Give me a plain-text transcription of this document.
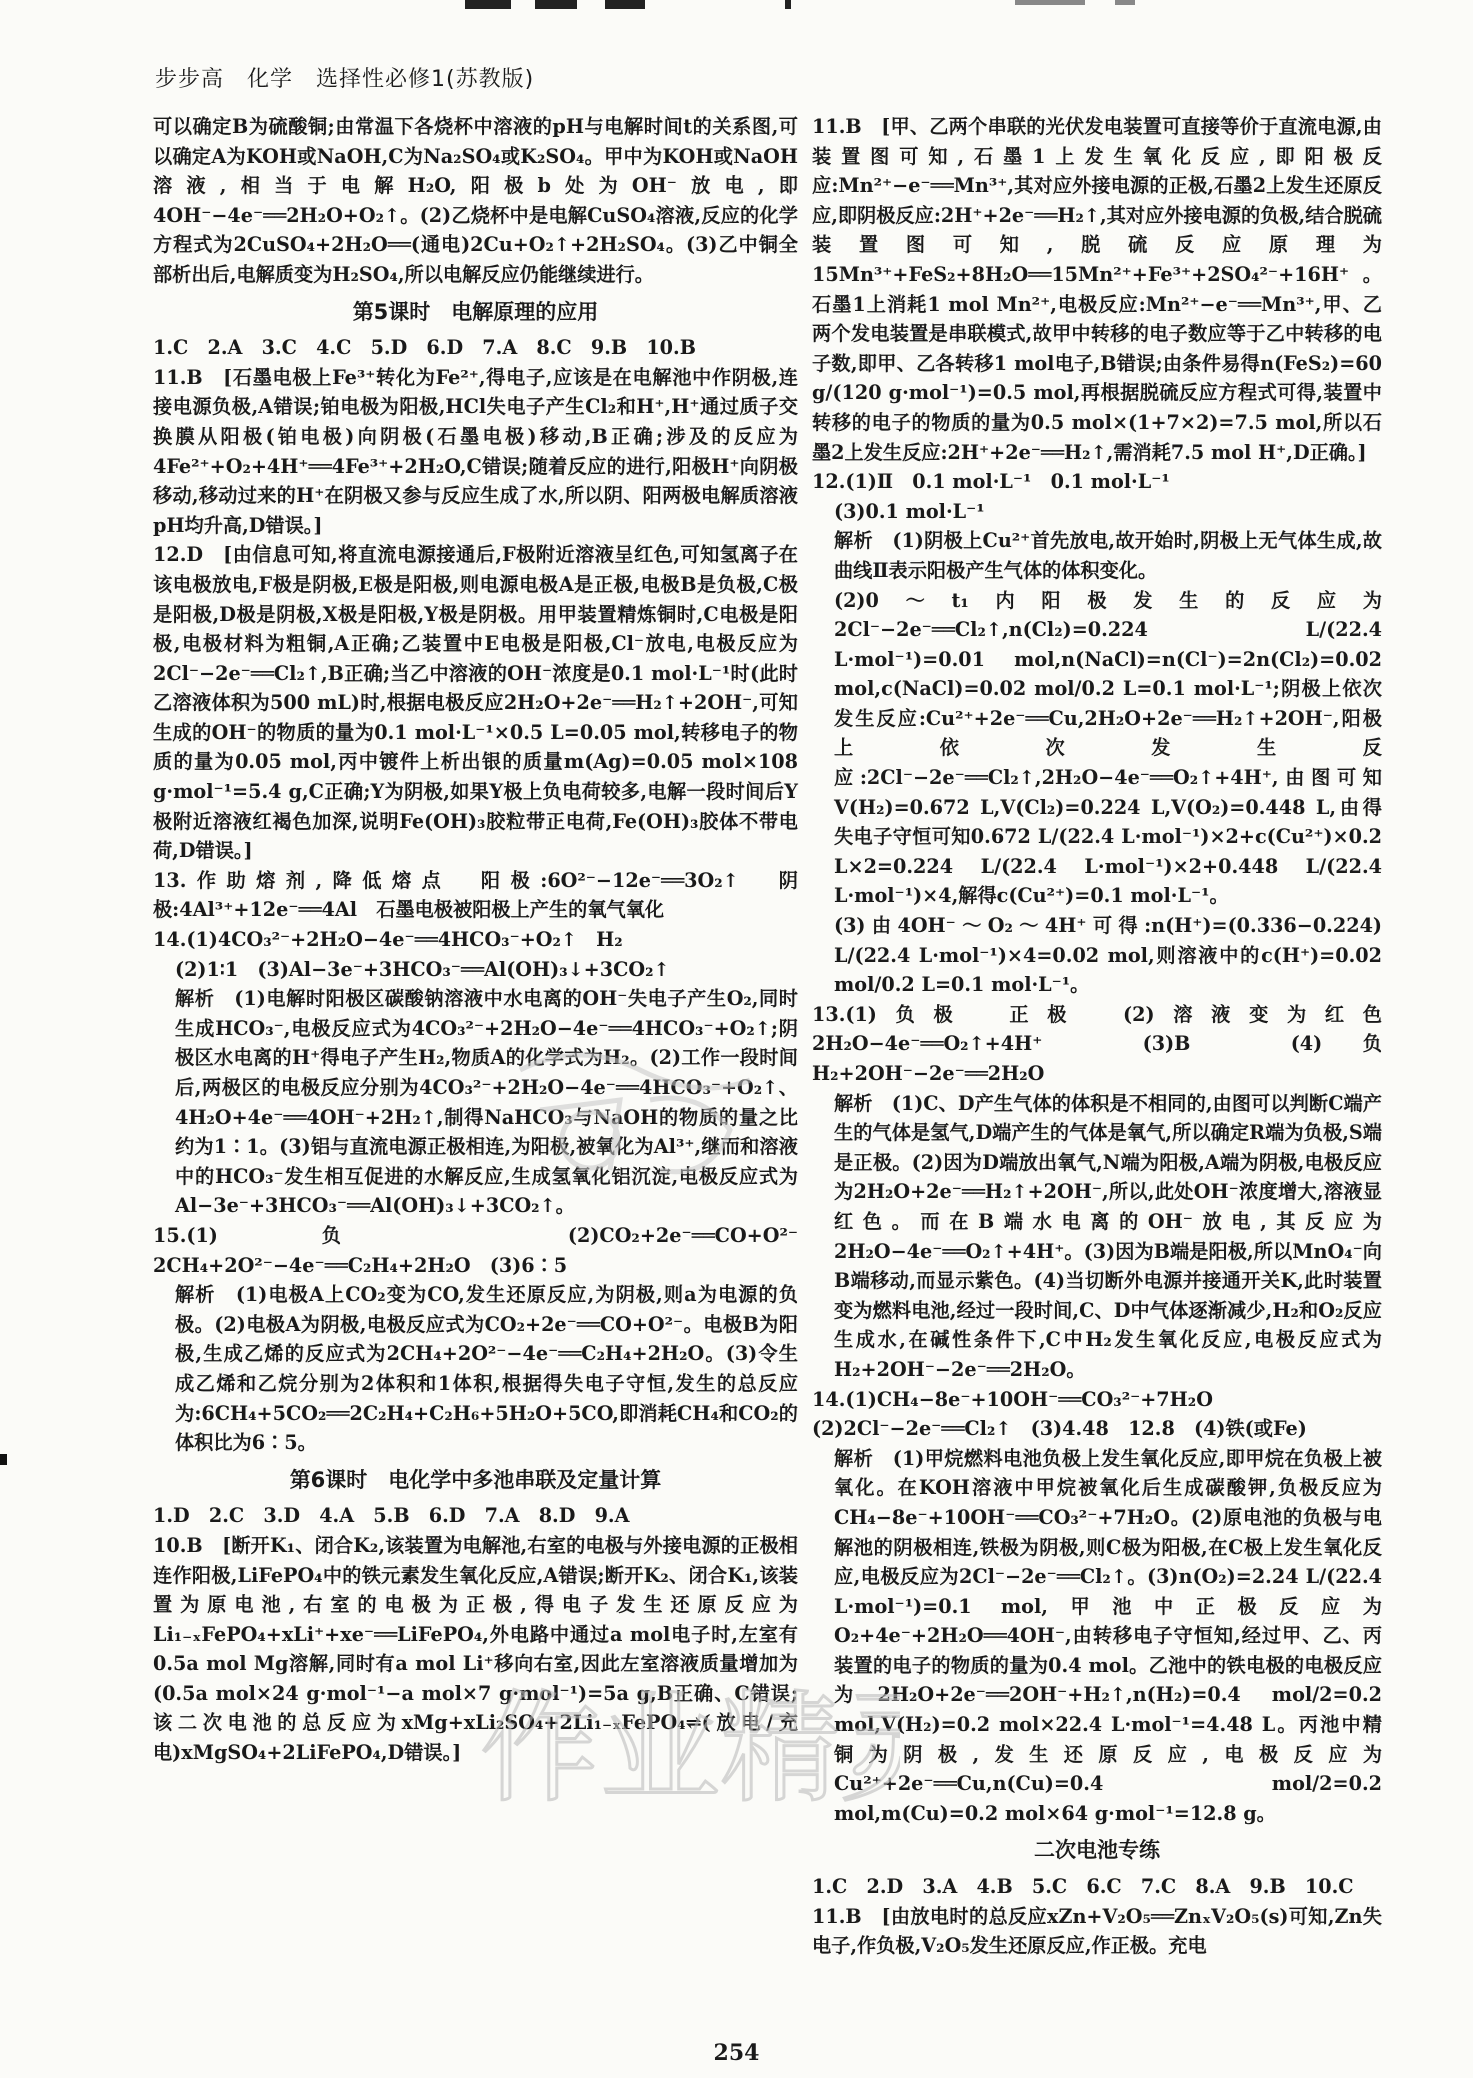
步步高　化学　选择性必修1(苏教版)

可以确定B为硫酸铜;由常温下各烧杯中溶液的pH与电解时间t的关系图,可以确定A为KOH或NaOH,C为Na₂SO₄或K₂SO₄。甲中为KOH或NaOH溶液,相当于电解H₂O,阳极b处为OH⁻放电,即4OH⁻−4e⁻══2H₂O+O₂↑。(2)乙烧杯中是电解CuSO₄溶液,反应的化学方程式为2CuSO₄+2H₂O══(通电)2Cu+O₂↑+2H₂SO₄。(3)乙中铜全部析出后,电解质变为H₂SO₄,所以电解反应仍能继续进行。

第5课时　电解原理的应用

1.C　2.A　3.C　4.C　5.D　6.D　7.A　8.C　9.B　10.B

11.B　[石墨电极上Fe³⁺转化为Fe²⁺,得电子,应该是在电解池中作阴极,连接电源负极,A错误;铂电极为阳极,HCl失电子产生Cl₂和H⁺,H⁺通过质子交换膜从阳极(铂电极)向阴极(石墨电极)移动,B正确;涉及的反应为4Fe²⁺+O₂+4H⁺══4Fe³⁺+2H₂O,C错误;随着反应的进行,阳极H⁺向阴极移动,移动过来的H⁺在阴极又参与反应生成了水,所以阴、阳两极电解质溶液pH均升高,D错误。]

12.D　[由信息可知,将直流电源接通后,F极附近溶液呈红色,可知氢离子在该电极放电,F极是阴极,E极是阳极,则电源电极A是正极,电极B是负极,C极是阳极,D极是阴极,X极是阳极,Y极是阴极。用甲装置精炼铜时,C电极是阳极,电极材料为粗铜,A正确;乙装置中E电极是阳极,Cl⁻放电,电极反应为2Cl⁻−2e⁻══Cl₂↑,B正确;当乙中溶液的OH⁻浓度是0.1 mol·L⁻¹时(此时乙溶液体积为500 mL)时,根据电极反应2H₂O+2e⁻══H₂↑+2OH⁻,可知生成的OH⁻的物质的量为0.1 mol·L⁻¹×0.5 L=0.05 mol,转移电子的物质的量为0.05 mol,丙中镀件上析出银的质量m(Ag)=0.05 mol×108 g·mol⁻¹=5.4 g,C正确;Y为阴极,如果Y极上负电荷较多,电解一段时间后Y极附近溶液红褐色加深,说明Fe(OH)₃胶粒带正电荷,Fe(OH)₃胶体不带电荷,D错误。]

13.作助熔剂,降低熔点　阳极:6O²⁻−12e⁻══3O₂↑　阴极:4Al³⁺+12e⁻══4Al　石墨电极被阳极上产生的氧气氧化

14.(1)4CO₃²⁻+2H₂O−4e⁻══4HCO₃⁻+O₂↑　H₂

(2)1∶1　(3)Al−3e⁻+3HCO₃⁻══Al(OH)₃↓+3CO₂↑

解析　(1)电解时阳极区碳酸钠溶液中水电离的OH⁻失电子产生O₂,同时生成HCO₃⁻,电极反应式为4CO₃²⁻+2H₂O−4e⁻══4HCO₃⁻+O₂↑;阴极区水电离的H⁺得电子产生H₂,物质A的化学式为H₂。(2)工作一段时间后,两极区的电极反应分别为4CO₃²⁻+2H₂O−4e⁻══4HCO₃⁻+O₂↑、4H₂O+4e⁻══4OH⁻+2H₂↑,制得NaHCO₃与NaOH的物质的量之比约为1∶1。(3)铝与直流电源正极相连,为阳极,被氧化为Al³⁺,继而和溶液中的HCO₃⁻发生相互促进的水解反应,生成氢氧化铝沉淀,电极反应式为Al−3e⁻+3HCO₃⁻══Al(OH)₃↓+3CO₂↑。

15.(1)负　(2)CO₂+2e⁻══CO+O²⁻　2CH₄+2O²⁻−4e⁻══C₂H₄+2H₂O　(3)6∶5

解析　(1)电极A上CO₂变为CO,发生还原反应,为阴极,则a为电源的负极。(2)电极A为阴极,电极反应式为CO₂+2e⁻══CO+O²⁻。电极B为阳极,生成乙烯的反应式为2CH₄+2O²⁻−4e⁻══C₂H₄+2H₂O。(3)令生成乙烯和乙烷分别为2体积和1体积,根据得失电子守恒,发生的总反应为:6CH₄+5CO₂══2C₂H₄+C₂H₆+5H₂O+5CO,即消耗CH₄和CO₂的体积比为6∶5。

第6课时　电化学中多池串联及定量计算

1.D　2.C　3.D　4.A　5.B　6.D　7.A　8.D　9.A

10.B　[断开K₁、闭合K₂,该装置为电解池,右室的电极与外接电源的正极相连作阳极,LiFePO₄中的铁元素发生氧化反应,A错误;断开K₂、闭合K₁,该装置为原电池,右室的电极为正极,得电子发生还原反应为Li₁₋ₓFePO₄+xLi⁺+xe⁻══LiFePO₄,外电路中通过a mol电子时,左室有0.5a mol Mg溶解,同时有a mol Li⁺移向右室,因此左室溶液质量增加为(0.5a mol×24 g·mol⁻¹−a mol×7 g·mol⁻¹)=5a g,B正确、C错误;该二次电池的总反应为xMg+xLi₂SO₄+2Li₁₋ₓFePO₄⇌(放电/充电)xMgSO₄+2LiFePO₄,D错误。]

11.B　[甲、乙两个串联的光伏发电装置可直接等价于直流电源,由装置图可知,石墨1上发生氧化反应,即阳极反应:Mn²⁺−e⁻══Mn³⁺,其对应外接电源的正极,石墨2上发生还原反应,即阴极反应:2H⁺+2e⁻══H₂↑,其对应外接电源的负极,结合脱硫装置图可知,脱硫反应原理为15Mn³⁺+FeS₂+8H₂O══15Mn²⁺+Fe³⁺+2SO₄²⁻+16H⁺。石墨1上消耗1 mol Mn²⁺,电极反应:Mn²⁺−e⁻══Mn³⁺,甲、乙两个发电装置是串联模式,故甲中转移的电子数应等于乙中转移的电子数,即甲、乙各转移1 mol电子,B错误;由条件易得n(FeS₂)=60 g/(120 g·mol⁻¹)=0.5 mol,再根据脱硫反应方程式可得,装置中转移的电子的物质的量为0.5 mol×(1+7×2)=7.5 mol,所以石墨2上发生反应:2H⁺+2e⁻══H₂↑,需消耗7.5 mol H⁺,D正确。]

12.(1)Ⅱ　0.1 mol·L⁻¹　0.1 mol·L⁻¹

(3)0.1 mol·L⁻¹

解析　(1)阴极上Cu²⁺首先放电,故开始时,阴极上无气体生成,故曲线Ⅱ表示阳极产生气体的体积变化。

(2)0～t₁内阳极发生的反应为2Cl⁻−2e⁻══Cl₂↑,n(Cl₂)=0.224 L/(22.4 L·mol⁻¹)=0.01 mol,n(NaCl)=n(Cl⁻)=2n(Cl₂)=0.02 mol,c(NaCl)=0.02 mol/0.2 L=0.1 mol·L⁻¹;阴极上依次发生反应:Cu²⁺+2e⁻══Cu,2H₂O+2e⁻══H₂↑+2OH⁻,阳极上依次发生反应:2Cl⁻−2e⁻══Cl₂↑,2H₂O−4e⁻══O₂↑+4H⁺,由图可知V(H₂)=0.672 L,V(Cl₂)=0.224 L,V(O₂)=0.448 L,由得失电子守恒可知0.672 L/(22.4 L·mol⁻¹)×2+c(Cu²⁺)×0.2 L×2=0.224 L/(22.4 L·mol⁻¹)×2+0.448 L/(22.4 L·mol⁻¹)×4,解得c(Cu²⁺)=0.1 mol·L⁻¹。

(3)由4OH⁻～O₂～4H⁺可得:n(H⁺)=(0.336−0.224) L/(22.4 L·mol⁻¹)×4=0.02 mol,则溶液中的c(H⁺)=0.02 mol/0.2 L=0.1 mol·L⁻¹。

13.(1)负极　正极　(2)溶液变为红色　2H₂O−4e⁻══O₂↑+4H⁺　(3)B　(4)负　H₂+2OH⁻−2e⁻══2H₂O

解析　(1)C、D产生气体的体积是不相同的,由图可以判断C端产生的气体是氢气,D端产生的气体是氧气,所以确定R端为负极,S端是正极。(2)因为D端放出氧气,N端为阳极,A端为阴极,电极反应为2H₂O+2e⁻══H₂↑+2OH⁻,所以,此处OH⁻浓度增大,溶液显红色。而在B端水电离的OH⁻放电,其反应为2H₂O−4e⁻══O₂↑+4H⁺。(3)因为B端是阳极,所以MnO₄⁻向B端移动,而显示紫色。(4)当切断外电源并接通开关K,此时装置变为燃料电池,经过一段时间,C、D中气体逐渐减少,H₂和O₂反应生成水,在碱性条件下,C中H₂发生氧化反应,电极反应式为H₂+2OH⁻−2e⁻══2H₂O。

14.(1)CH₄−8e⁻+10OH⁻══CO₃²⁻+7H₂O　(2)2Cl⁻−2e⁻══Cl₂↑　(3)4.48　12.8　(4)铁(或Fe)

解析　(1)甲烷燃料电池负极上发生氧化反应,即甲烷在负极上被氧化。在KOH溶液中甲烷被氧化后生成碳酸钾,负极反应为CH₄−8e⁻+10OH⁻══CO₃²⁻+7H₂O。(2)原电池的负极与电解池的阴极相连,铁极为阴极,则C极为阳极,在C极上发生氧化反应,电极反应为2Cl⁻−2e⁻══Cl₂↑。(3)n(O₂)=2.24 L/(22.4 L·mol⁻¹)=0.1 mol,甲池中正极反应为O₂+4e⁻+2H₂O══4OH⁻,由转移电子守恒知,经过甲、乙、丙装置的电子的物质的量为0.4 mol。乙池中的铁电极的电极反应为2H₂O+2e⁻══2OH⁻+H₂↑,n(H₂)=0.4 mol/2=0.2 mol,V(H₂)=0.2 mol×22.4 L·mol⁻¹=4.48 L。丙池中精铜为阴极,发生还原反应,电极反应为Cu²⁺+2e⁻══Cu,n(Cu)=0.4 mol/2=0.2 mol,m(Cu)=0.2 mol×64 g·mol⁻¹=12.8 g。

二次电池专练

1.C　2.D　3.A　4.B　5.C　6.C　7.C　8.A　9.B　10.C

11.B　[由放电时的总反应xZn+V₂O₅══ZnₓV₂O₅(s)可知,Zn失电子,作负极,V₂O₅发生还原反应,作正极。充电

作业精
254
